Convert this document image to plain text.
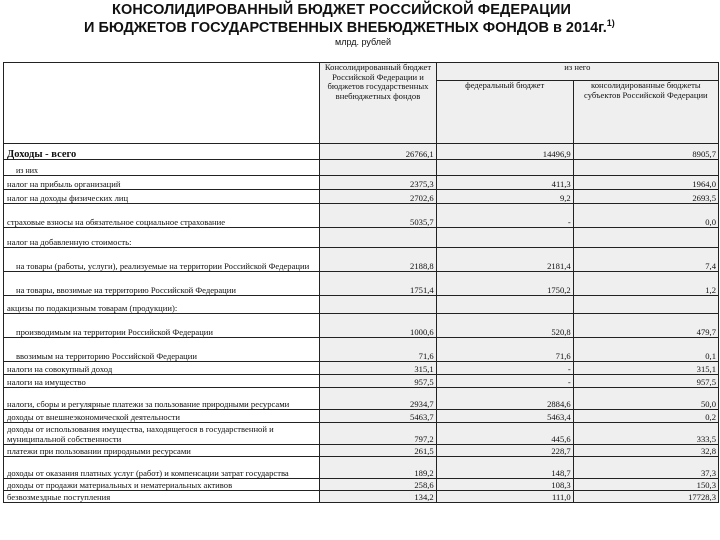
КОНСОЛИДИРОВАННЫЙ БЮДЖЕТ РОССИЙСКОЙ ФЕДЕРАЦИИ
И БЮДЖЕТОВ ГОСУДАРСТВЕННЫХ ВНЕБЮДЖЕТНЫХ ФОНДОВ в 2014г.$^{1)}$
млрд. рублей
	Консолидированный бюджет Российской Федерации и бюджетов государственных внебюджетных фондов	из него	
		федеральный бюджет	консолидированные бюджеты субъектов Российской Федерации
Доходы - всего	26766,1	14496,9	8905,7
из них			
налог на прибыль организаций	2375,3	411,3	1964,0
налог на доходы физических лиц	2702,6	9,2	2693,5
страховые взносы на обязательное социальное страхование	5035,7	-	0,0
налог на добавленную стоимость:			
на товары (работы, услуги), реализуемые на территории Российской Федерации	2188,8	2181,4	7,4
на товары, ввозимые на территорию Российской Федерации	1751,4	1750,2	1,2
акцизы по подакцизным товарам (продукции):			
производимым на территории Российской Федерации	1000,6	520,8	479,7
ввозимым на территорию Российской Федерации	71,6	71,6	0,1
налоги на совокупный доход	315,1	-	315,1
налоги на имущество	957,5	-	957,5
налоги, сборы и регулярные платежи за пользование природными ресурсами	2934,7	2884,6	50,0
доходы от внешнеэкономической деятельности	5463,7	5463,4	0,2
доходы от использования имущества, находящегося в государственной и муниципальной собственности	797,2	445,6	333,5
платежи при пользовании природными ресурсами	261,5	228,7	32,8
доходы от оказания платных услуг (работ) и компенсации затрат государства	189,2	148,7	37,3
доходы от продажи материальных и нематериальных активов	258,6	108,3	150,3
безвозмездные поступления	134,2	111,0	17728,3
